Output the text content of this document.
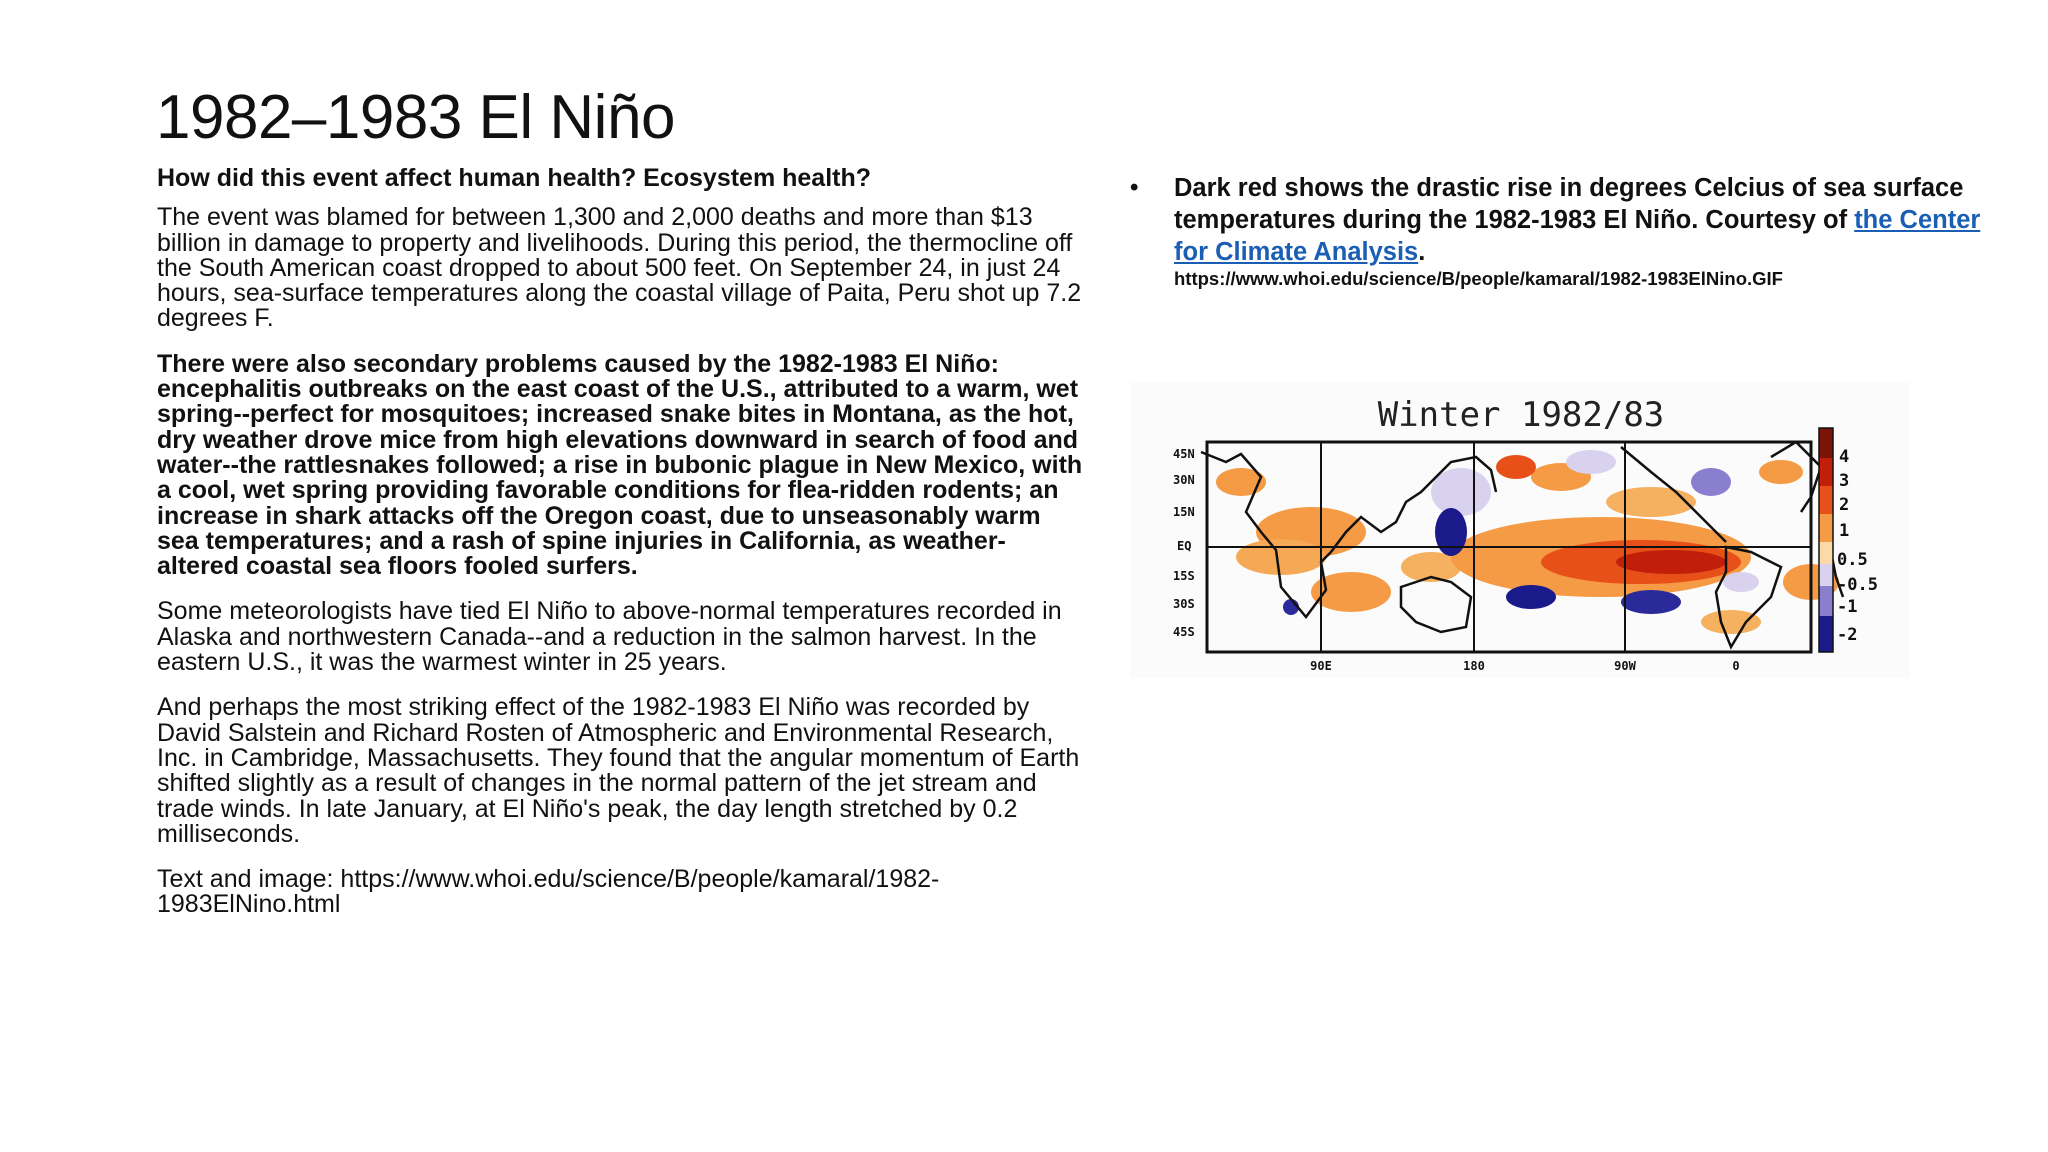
1982–1983 El Niño

How did this event affect human health? Ecosystem health?

The event was blamed for between 1,300 and 2,000 deaths and more than $13 billion in damage to property and livelihoods. During this period, the thermocline off the South American coast dropped to about 500 feet. On September 24, in just 24 hours, sea-surface temperatures along the coastal village of Paita, Peru shot up 7.2 degrees F.

There were also secondary problems caused by the 1982-1983 El Niño: encephalitis outbreaks on the east coast of the U.S., attributed to a warm, wet spring--perfect for mosquitoes; increased snake bites in Montana, as the hot, dry weather drove mice from high elevations downward in search of food and water--the rattlesnakes followed; a rise in bubonic plague in New Mexico, with a cool, wet spring providing favorable conditions for flea-ridden rodents; an increase in shark attacks off the Oregon coast, due to unseasonably warm sea temperatures; and a rash of spine injuries in California, as weather-altered coastal sea floors fooled surfers.

Some meteorologists have tied El Niño to above-normal temperatures recorded in Alaska and northwestern Canada--and a reduction in the salmon harvest. In the eastern U.S., it was the warmest winter in 25 years.

And perhaps the most striking effect of the 1982-1983 El Niño was recorded by David Salstein and Richard Rosten of Atmospheric and Environmental Research, Inc. in Cambridge, Massachusetts. They found that the angular momentum of Earth shifted slightly as a result of changes in the normal pattern of the jet stream and trade winds. In late January, at El Niño's peak, the day length stretched by 0.2 milliseconds.

Text and image: https://www.whoi.edu/science/B/people/kamaral/1982-1983ElNino.html

•	Dark red shows the drastic rise in degrees Celcius of sea surface temperatures during the 1982-1983 El Niño. Courtesy of the Center for Climate Analysis.
https://www.whoi.edu/science/B/people/kamaral/1982-1983ElNino.GIF
Winter 1982/83
45N
30N
15N
EQ
15S
30S
45S
90E	180	90W	0
4
3
2
1
0.5
-0.5
-1
-2
